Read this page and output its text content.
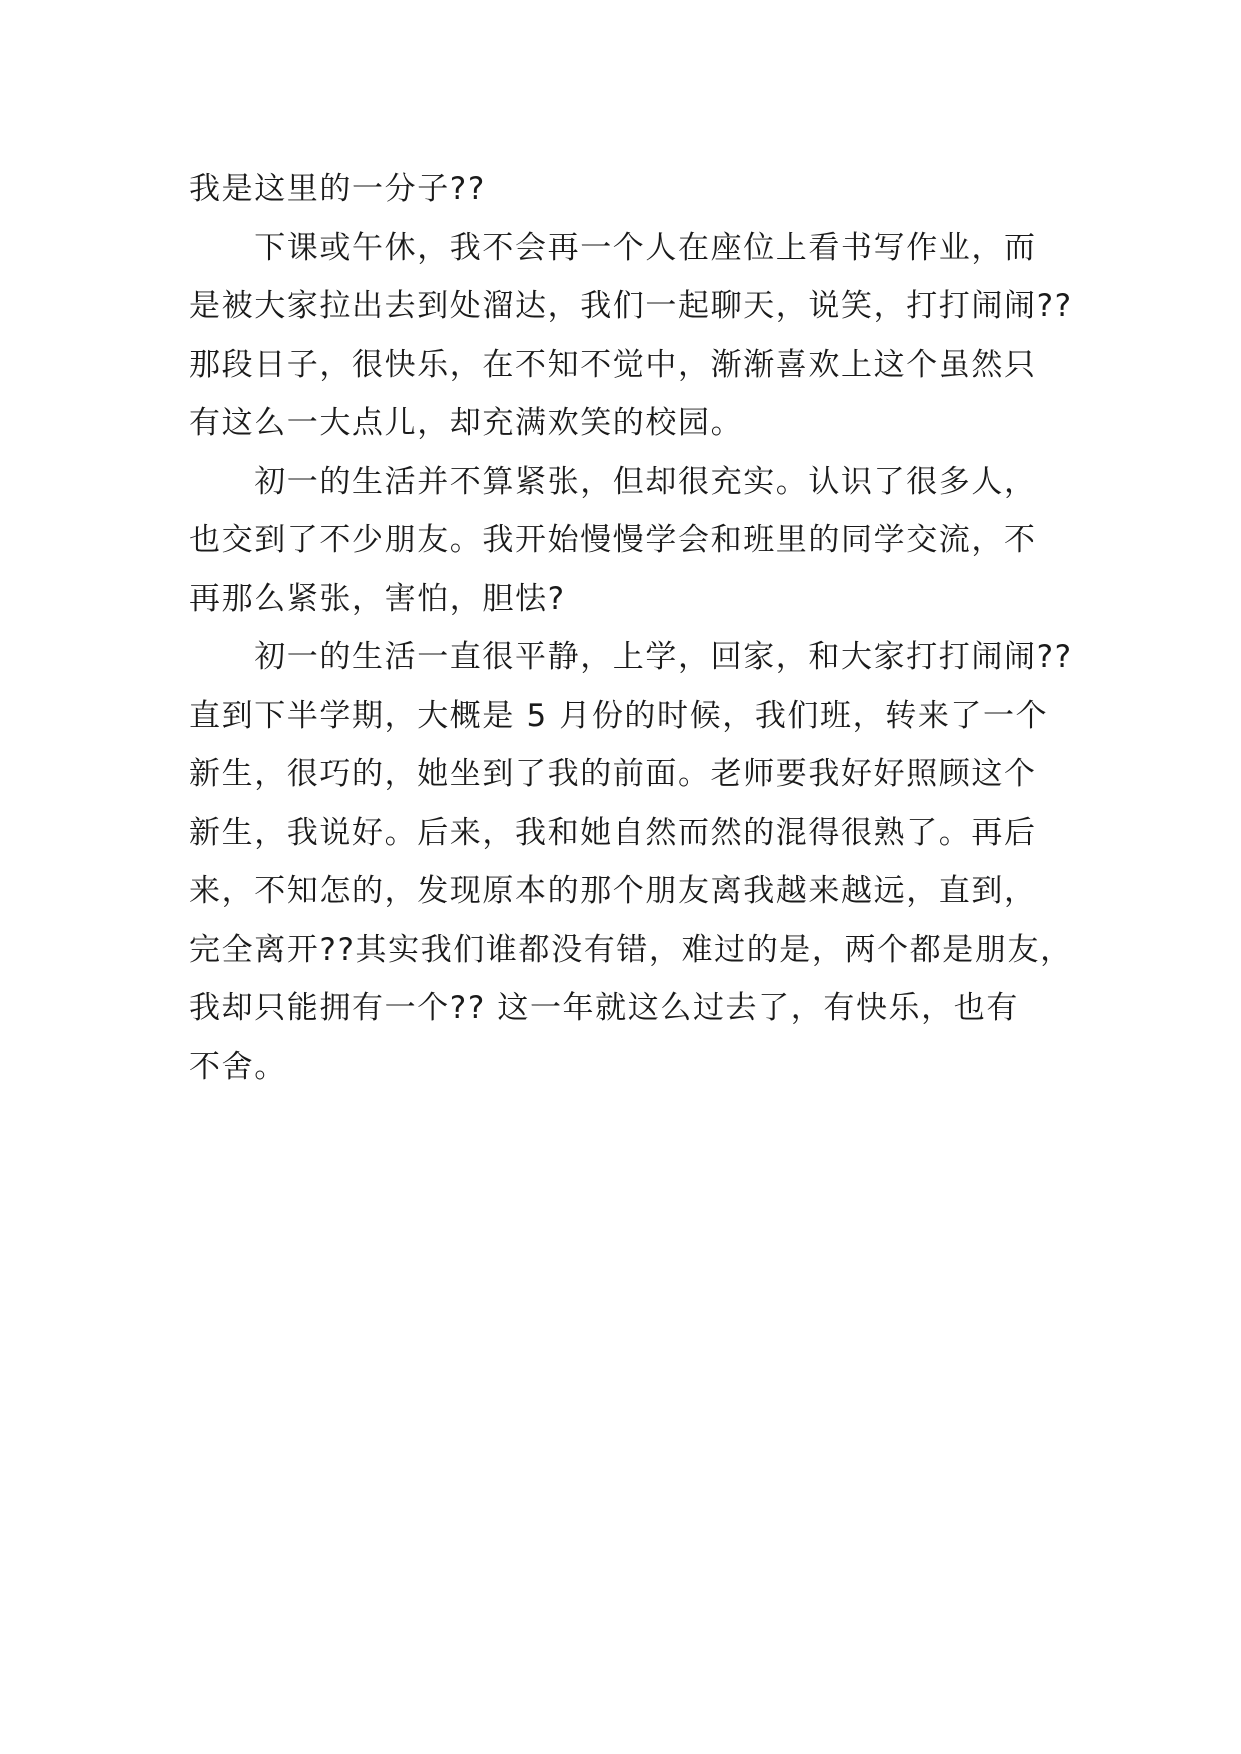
我是这里的一分子??
　　下课或午休，我不会再一个人在座位上看书写作业，而
是被大家拉出去到处溜达，我们一起聊天，说笑，打打闹闹??
那段日子，很快乐，在不知不觉中，渐渐喜欢上这个虽然只
有这么一大点儿，却充满欢笑的校园。
　　初一的生活并不算紧张，但却很充实。认识了很多人，
也交到了不少朋友。我开始慢慢学会和班里的同学交流，不
再那么紧张，害怕，胆怯?
　　初一的生活一直很平静，上学，回家，和大家打打闹闹??
直到下半学期，大概是 5 月份的时候，我们班，转来了一个
新生，很巧的，她坐到了我的前面。老师要我好好照顾这个
新生，我说好。后来，我和她自然而然的混得很熟了。再后
来，不知怎的，发现原本的那个朋友离我越来越远，直到，
完全离开??其实我们谁都没有错，难过的是，两个都是朋友，
我却只能拥有一个?? 这一年就这么过去了，有快乐，也有
不舍。
